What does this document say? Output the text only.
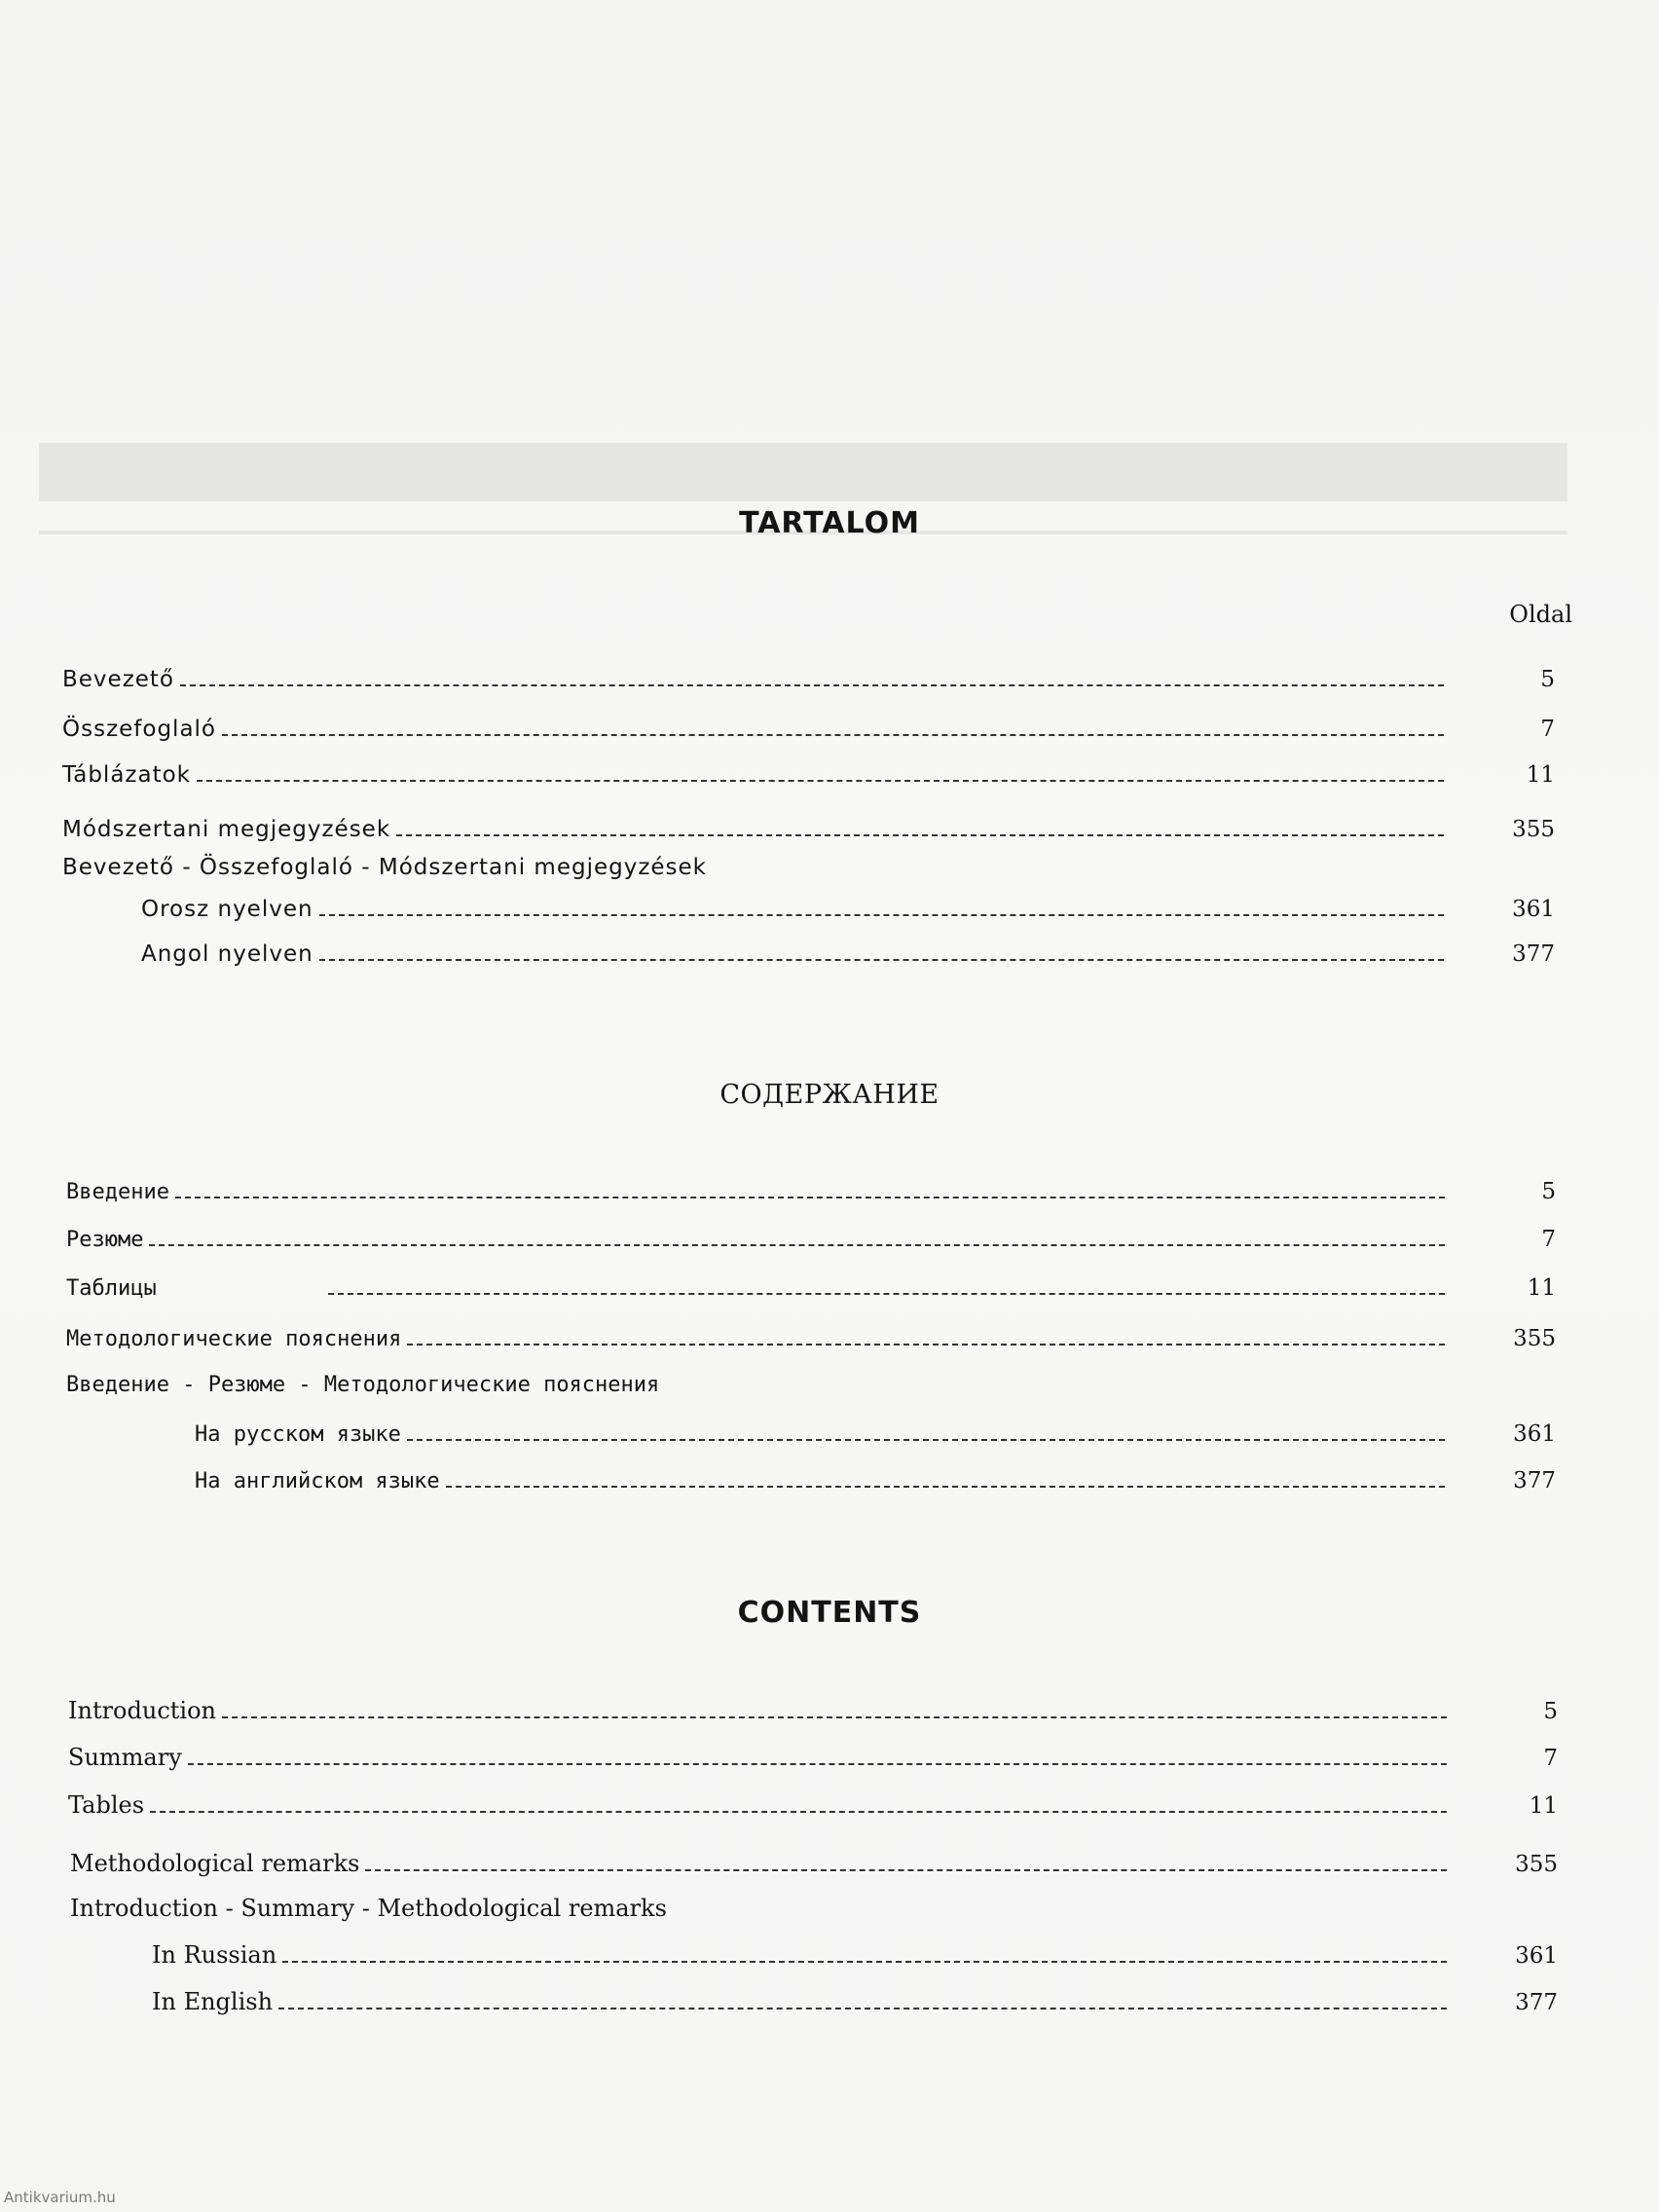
TARTALOM
Oldal
Bevezető	5
Összefoglaló	7
Táblázatok	11
Módszertani megjegyzések	355
Bevezető - Összefoglaló - Módszertani megjegyzések
Orosz nyelven	361
Angol nyelven	377
СОДЕРЖАНИЕ
Введение	5
Резюме	7
Таблицы	11
Методологические пояснения	355
Введение - Резюме - Методологические пояснения
На русском языке	361
На английском языке	377
CONTENTS
Introduction	5
Summary	7
Tables	11
Methodological remarks	355
Introduction - Summary - Methodological remarks
In Russian	361
In English	377
Antikvarium.hu
